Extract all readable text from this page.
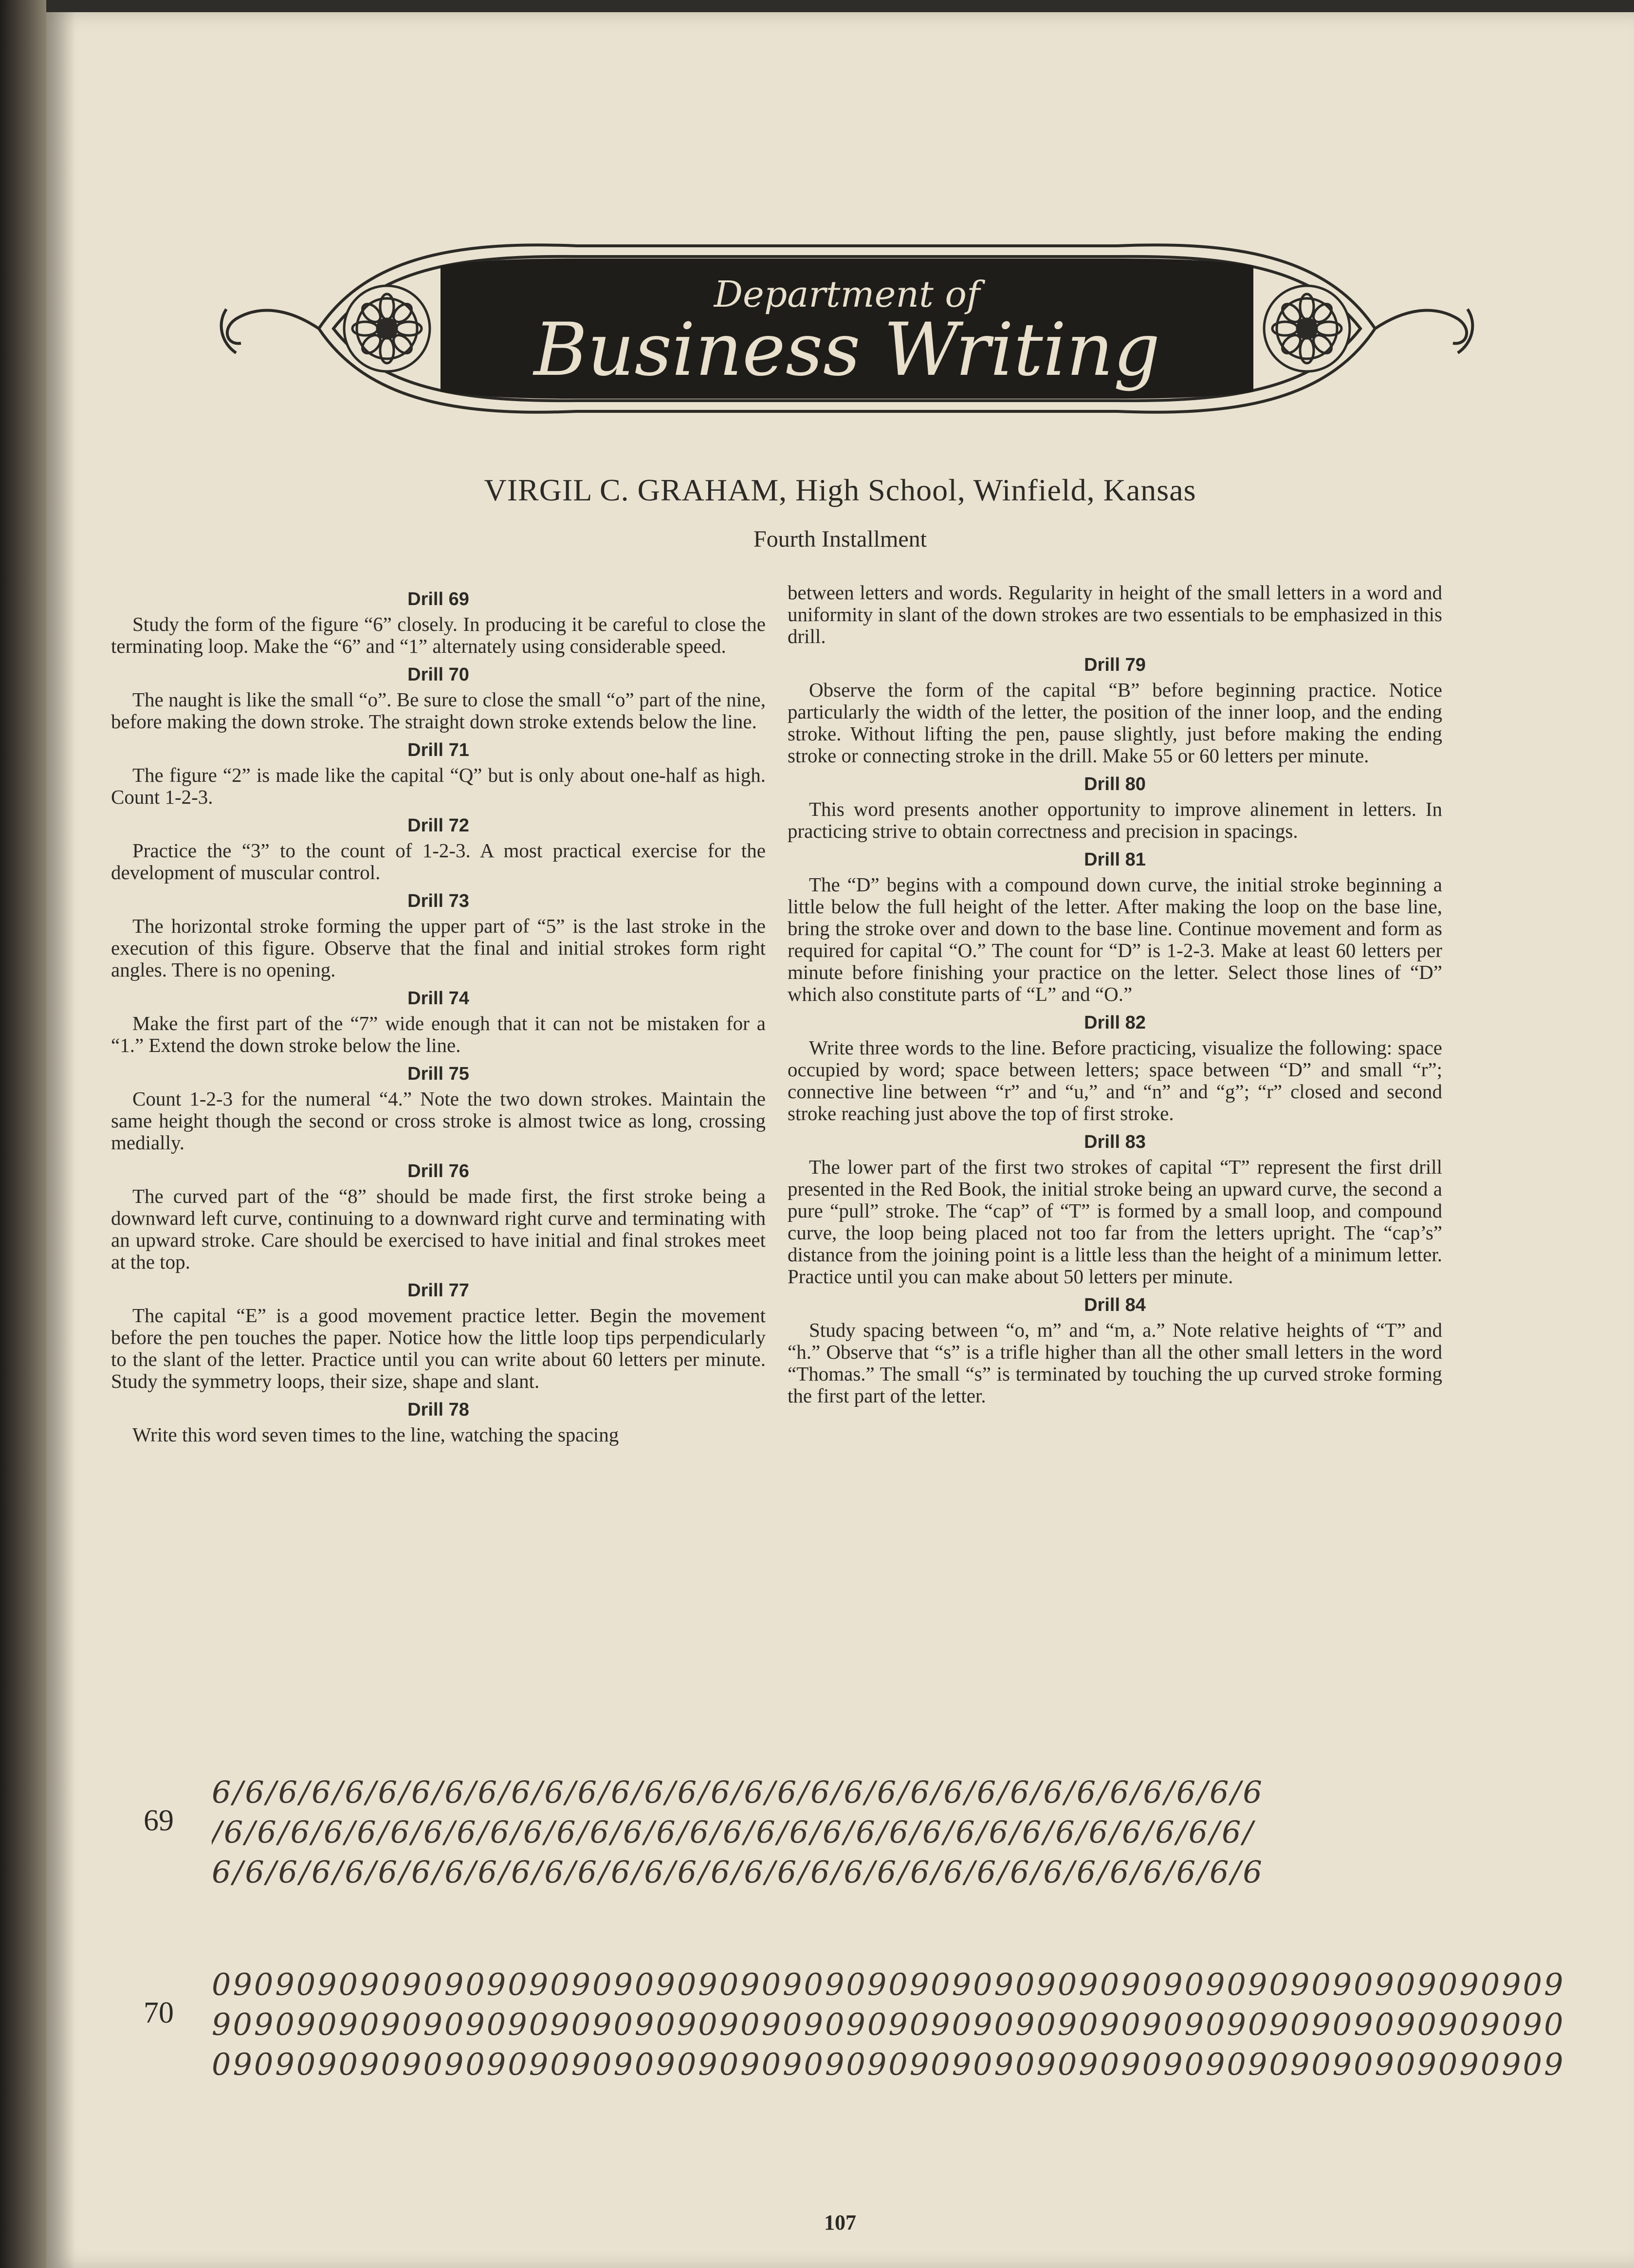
Department of
Business Writing
VIRGIL C. GRAHAM, High School, Winfield, Kansas
Fourth Installment
Drill 69

Study the form of the figure “6” closely. In producing it be careful to close the terminating loop. Make the “6” and “1” alternately using considerable speed.

Drill 70

The naught is like the small “o”. Be sure to close the small “o” part of the nine, before making the down stroke. The straight down stroke extends below the line.

Drill 71

The figure “2” is made like the capital “Q” but is only about one-half as high. Count 1-2-3.

Drill 72

Practice the “3” to the count of 1-2-3. A most practical exercise for the development of muscular control.

Drill 73

The horizontal stroke forming the upper part of “5” is the last stroke in the execution of this figure. Observe that the final and initial strokes form right angles. There is no opening.

Drill 74

Make the first part of the “7” wide enough that it can not be mistaken for a “1.” Extend the down stroke below the line.

Drill 75

Count 1-2-3 for the numeral “4.” Note the two down strokes. Maintain the same height though the second or cross stroke is almost twice as long, crossing medially.

Drill 76

The curved part of the “8” should be made first, the first stroke being a downward left curve, continuing to a downward right curve and terminating with an upward stroke. Care should be exercised to have initial and final strokes meet at the top.

Drill 77

The capital “E” is a good movement practice letter. Begin the movement before the pen touches the paper. Notice how the little loop tips perpendicularly to the slant of the letter. Practice until you can write about 60 letters per minute. Study the symmetry loops, their size, shape and slant.

Drill 78

Write this word seven times to the line, watching the spacing

between letters and words. Regularity in height of the small letters in a word and uniformity in slant of the down strokes are two essentials to be emphasized in this drill.

Drill 79

Observe the form of the capital “B” before beginning practice. Notice particularly the width of the letter, the position of the inner loop, and the ending stroke. Without lifting the pen, pause slightly, just before making the ending stroke or connecting stroke in the drill. Make 55 or 60 letters per minute.

Drill 80

This word presents another opportunity to improve alinement in letters. In practicing strive to obtain correctness and precision in spacings.

Drill 81

The “D” begins with a compound down curve, the initial stroke beginning a little below the full height of the letter. After making the loop on the base line, bring the stroke over and down to the base line. Continue movement and form as required for capital “O.” The count for “D” is 1-2-3. Make at least 60 letters per minute before finishing your practice on the letter. Select those lines of “D” which also constitute parts of “L” and “O.”

Drill 82

Write three words to the line. Before practicing, visualize the following: space occupied by word; space between letters; space between “D” and small “r”; connective line between “r” and “u,” and “n” and “g”; “r” closed and second stroke reaching just above the top of first stroke.

Drill 83

The lower part of the first two strokes of capital “T” represent the first drill presented in the Red Book, the initial stroke being an upward curve, the second a pure “pull” stroke. The “cap” of “T” is formed by a small loop, and compound curve, the loop being placed not too far from the letters upright. The “cap’s” distance from the joining point is a little less than the height of a minimum letter. Practice until you can make about 50 letters per minute.

Drill 84

Study spacing between “o, m” and “m, a.” Note relative heights of “T” and “h.” Observe that “s” is a trifle higher than all the other small letters in the word “Thomas.” The small “s” is terminated by touching the up curved stroke forming the first part of the letter.

69
6/6/6/6/6/6/6/6/6/6/6/6/6/6/6/6/6/6/6/6/6/6/6/6/6/6/6/6/6/6/6/6
/6/6/6/6/6/6/6/6/6/6/6/6/6/6/6/6/6/6/6/6/6/6/6/6/6/6/6/6/6/6/6/
6/6/6/6/6/6/6/6/6/6/6/6/6/6/6/6/6/6/6/6/6/6/6/6/6/6/6/6/6/6/6/6
70
0909090909090909090909090909090909090909090909090909090909090909
9090909090909090909090909090909090909090909090909090909090909090
0909090909090909090909090909090909090909090909090909090909090909
107
